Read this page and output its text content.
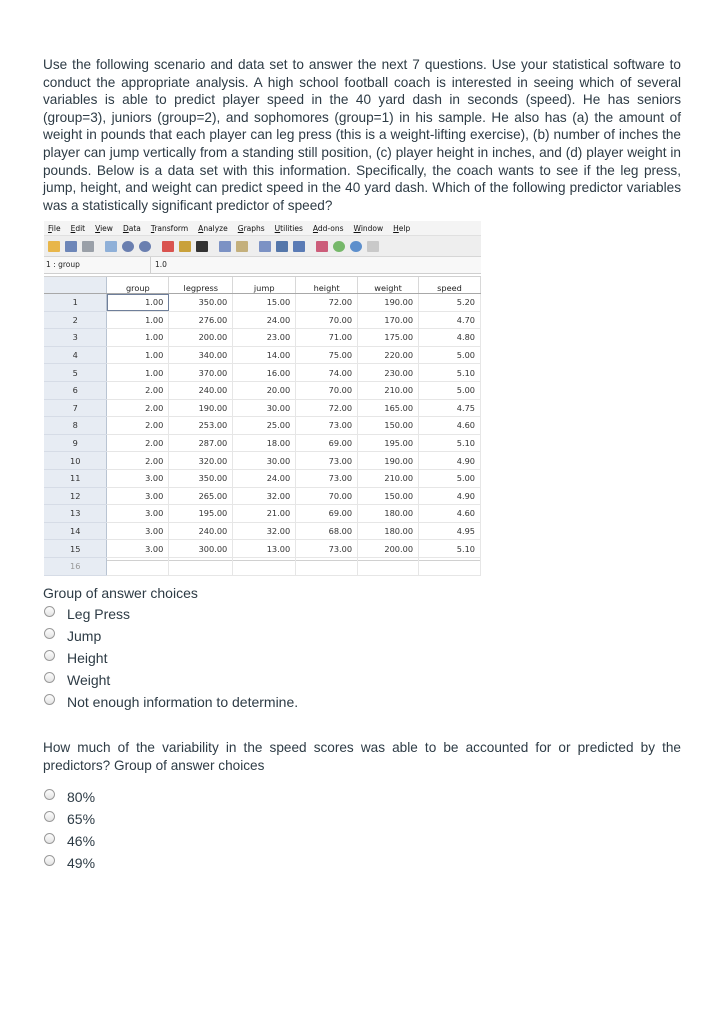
Use the following scenario and data set to answer the next 7 questions. Use your statistical software to conduct the appropriate analysis. A high school football coach is interested in seeing which of several variables is able to predict player speed in the 40 yard dash in seconds (speed). He has seniors (group=3), juniors (group=2), and sophomores (group=1) in his sample. He also has (a) the amount of weight in pounds that each player can leg press (this is a weight-lifting exercise), (b) number of inches the player can jump vertically from a standing still position, (c) player height in inches, and (d) player weight in pounds. Below is a data set with this information. Specifically, the coach wants to see if the leg press, jump, height, and weight can predict speed in the 40 yard dash. Which of the following predictor variables was a statistically significant predictor of speed?
File Edit View Data Transform Analyze Graphs Utilities Add-ons Window Help
1 : group	1.0
	group	legpress	jump	height	weight	speed
1	1.00	350.00	15.00	72.00	190.00	5.20
2	1.00	276.00	24.00	70.00	170.00	4.70
3	1.00	200.00	23.00	71.00	175.00	4.80
4	1.00	340.00	14.00	75.00	220.00	5.00
5	1.00	370.00	16.00	74.00	230.00	5.10
6	2.00	240.00	20.00	70.00	210.00	5.00
7	2.00	190.00	30.00	72.00	165.00	4.75
8	2.00	253.00	25.00	73.00	150.00	4.60
9	2.00	287.00	18.00	69.00	195.00	5.10
10	2.00	320.00	30.00	73.00	190.00	4.90
11	3.00	350.00	24.00	73.00	210.00	5.00
12	3.00	265.00	32.00	70.00	150.00	4.90
13	3.00	195.00	21.00	69.00	180.00	4.60
14	3.00	240.00	32.00	68.00	180.00	4.95
15	3.00	300.00	13.00	73.00	200.00	5.10
16						
Group of answer choices
Leg Press
Jump
Height
Weight
Not enough information to determine.
How much of the variability in the speed scores was able to be accounted for or predicted by the predictors? Group of answer choices
80%
65%
46%
49%
